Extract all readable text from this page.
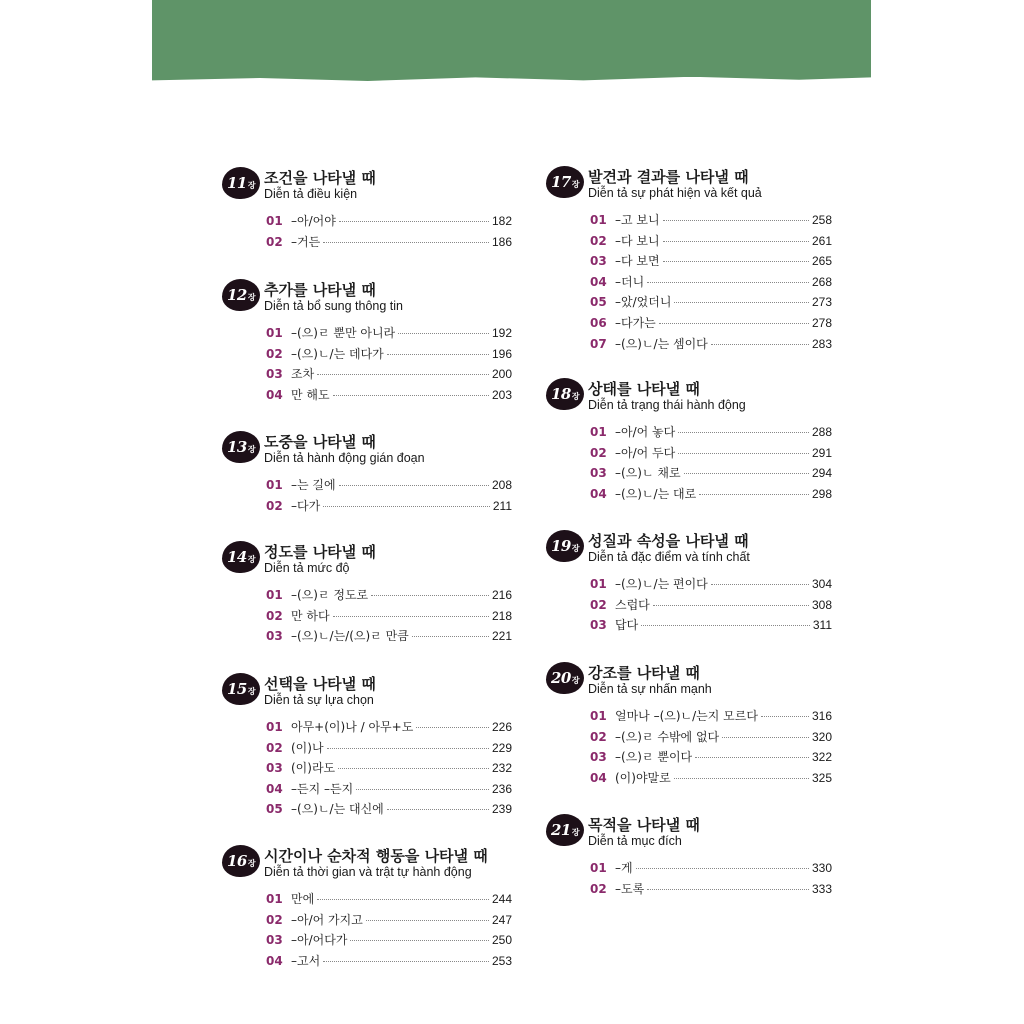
11 장 조건을 나타낼 때
Diễn tả điều kiện
01 –아/어야	182
02 –거든	186
12 장 추가를 나타낼 때
Diễn tả bổ sung thông tin
01 –(으)ㄹ 뿐만 아니라	192
02 –(으)ㄴ/는 데다가	196
03 조차	200
04 만 해도	203
13 장 도중을 나타낼 때
Diễn tả hành động gián đoạn
01 –는 길에	208
02 –다가	211
14 장 정도를 나타낼 때
Diễn tả mức độ
01 –(으)ㄹ 정도로	216
02 만 하다	218
03 –(으)ㄴ/는/(으)ㄹ 만큼	221
15 장 선택을 나타낼 때
Diễn tả sự lựa chọn
01 아무+(이)나 / 아무+도	226
02 (이)나	229
03 (이)라도	232
04 –든지 –든지	236
05 –(으)ㄴ/는 대신에	239
16 장 시간이나 순차적 행동을 나타낼 때
Diễn tả thời gian và trật tự hành động
01 만에	244
02 –아/어 가지고	247
03 –아/어다가	250
04 –고서	253
17 장 발견과 결과를 나타낼 때
Diễn tả sự phát hiện và kết quả
01 –고 보니	258
02 –다 보니	261
03 –다 보면	265
04 –더니	268
05 –았/었더니	273
06 –다가는	278
07 –(으)ㄴ/는 셈이다	283
18 장 상태를 나타낼 때
Diễn tả trạng thái hành động
01 –아/어 놓다	288
02 –아/어 두다	291
03 –(으)ㄴ 채로	294
04 –(으)ㄴ/는 대로	298
19 장 성질과 속성을 나타낼 때
Diễn tả đặc điểm và tính chất
01 –(으)ㄴ/는 편이다	304
02 스럽다	308
03 답다	311
20 장 강조를 나타낼 때
Diễn tả sự nhấn mạnh
01 얼마나 –(으)ㄴ/는지 모르다	316
02 –(으)ㄹ 수밖에 없다	320
03 –(으)ㄹ 뿐이다	322
04 (이)야말로	325
21 장 목적을 나타낼 때
Diễn tả mục đích
01 –게	330
02 –도록	333
